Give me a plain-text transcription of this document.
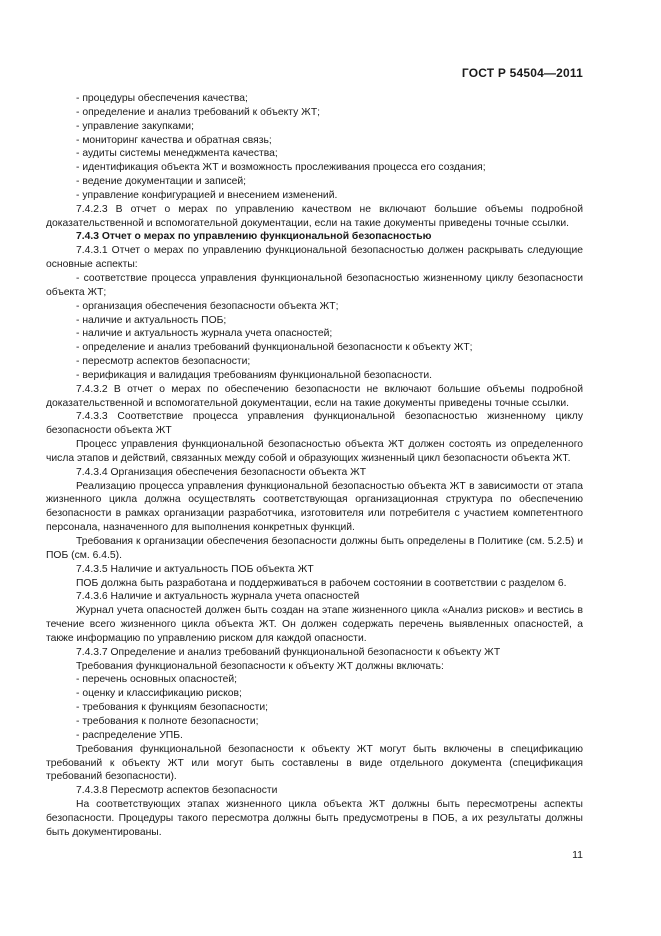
ГОСТ Р 54504—2011

- процедуры обеспечения качества;

- определение и анализ требований к объекту ЖТ;

- управление закупками;

- мониторинг качества и обратная связь;

- аудиты системы менеджмента качества;

- идентификация объекта ЖТ и возможность прослеживания процесса его создания;

- ведение документации и записей;

- управление конфигурацией и внесением изменений.

7.4.2.3 В отчет о мерах по управлению качеством не включают большие объемы подробной доказательственной и вспомогательной документации, если на такие документы приведены точные ссылки.

7.4.3 Отчет о мерах по управлению функциональной безопасностью

7.4.3.1 Отчет о мерах по управлению функциональной безопасностью должен раскрывать следующие основные аспекты:

- соответствие процесса управления функциональной безопасностью жизненному циклу безопасности объекта ЖТ;

- организация обеспечения безопасности объекта ЖТ;

- наличие и актуальность ПОБ;

- наличие и актуальность журнала учета опасностей;

- определение и анализ требований функциональной безопасности к объекту ЖТ;

- пересмотр аспектов безопасности;

- верификация и валидация требованиям функциональной безопасности.

7.4.3.2 В отчет о мерах по обеспечению безопасности не включают большие объемы подробной доказательственной и вспомогательной документации, если на такие документы приведены точные ссылки.

7.4.3.3 Соответствие процесса управления функциональной безопасностью жизненному циклу безопасности объекта ЖТ

Процесс управления функциональной безопасностью объекта ЖТ должен состоять из определенного числа этапов и действий, связанных между собой и образующих жизненный цикл безопасности объекта ЖТ.

7.4.3.4 Организация обеспечения безопасности объекта ЖТ

Реализацию процесса управления функциональной безопасностью объекта ЖТ в зависимости от этапа жизненного цикла должна осуществлять соответствующая организационная структура по обеспечению безопасности в рамках организации разработчика, изготовителя или потребителя с участием компетентного персонала, назначенного для выполнения конкретных функций.

Требования к организации обеспечения безопасности должны быть определены в Политике (см. 5.2.5) и ПОБ (см. 6.4.5).

7.4.3.5 Наличие и актуальность ПОБ объекта ЖТ

ПОБ должна быть разработана и поддерживаться в рабочем состоянии в соответствии с разделом 6.

7.4.3.6 Наличие и актуальность журнала учета опасностей

Журнал учета опасностей должен быть создан на этапе жизненного цикла «Анализ рисков» и вестись в течение всего жизненного цикла объекта ЖТ. Он должен содержать перечень выявленных опасностей, а также информацию по управлению риском для каждой опасности.

7.4.3.7 Определение и анализ требований функциональной безопасности к объекту ЖТ

Требования функциональной безопасности к объекту ЖТ должны включать:

- перечень основных опасностей;

- оценку и классификацию рисков;

- требования к функциям безопасности;

- требования к полноте безопасности;

- распределение УПБ.

Требования функциональной безопасности к объекту ЖТ могут быть включены в спецификацию требований к объекту ЖТ или могут быть составлены в виде отдельного документа (спецификация требований безопасности).

7.4.3.8 Пересмотр аспектов безопасности

На соответствующих этапах жизненного цикла объекта ЖТ должны быть пересмотрены аспекты безопасности. Процедуры такого пересмотра должны быть предусмотрены в ПОБ, а их результаты должны быть документированы.

11
